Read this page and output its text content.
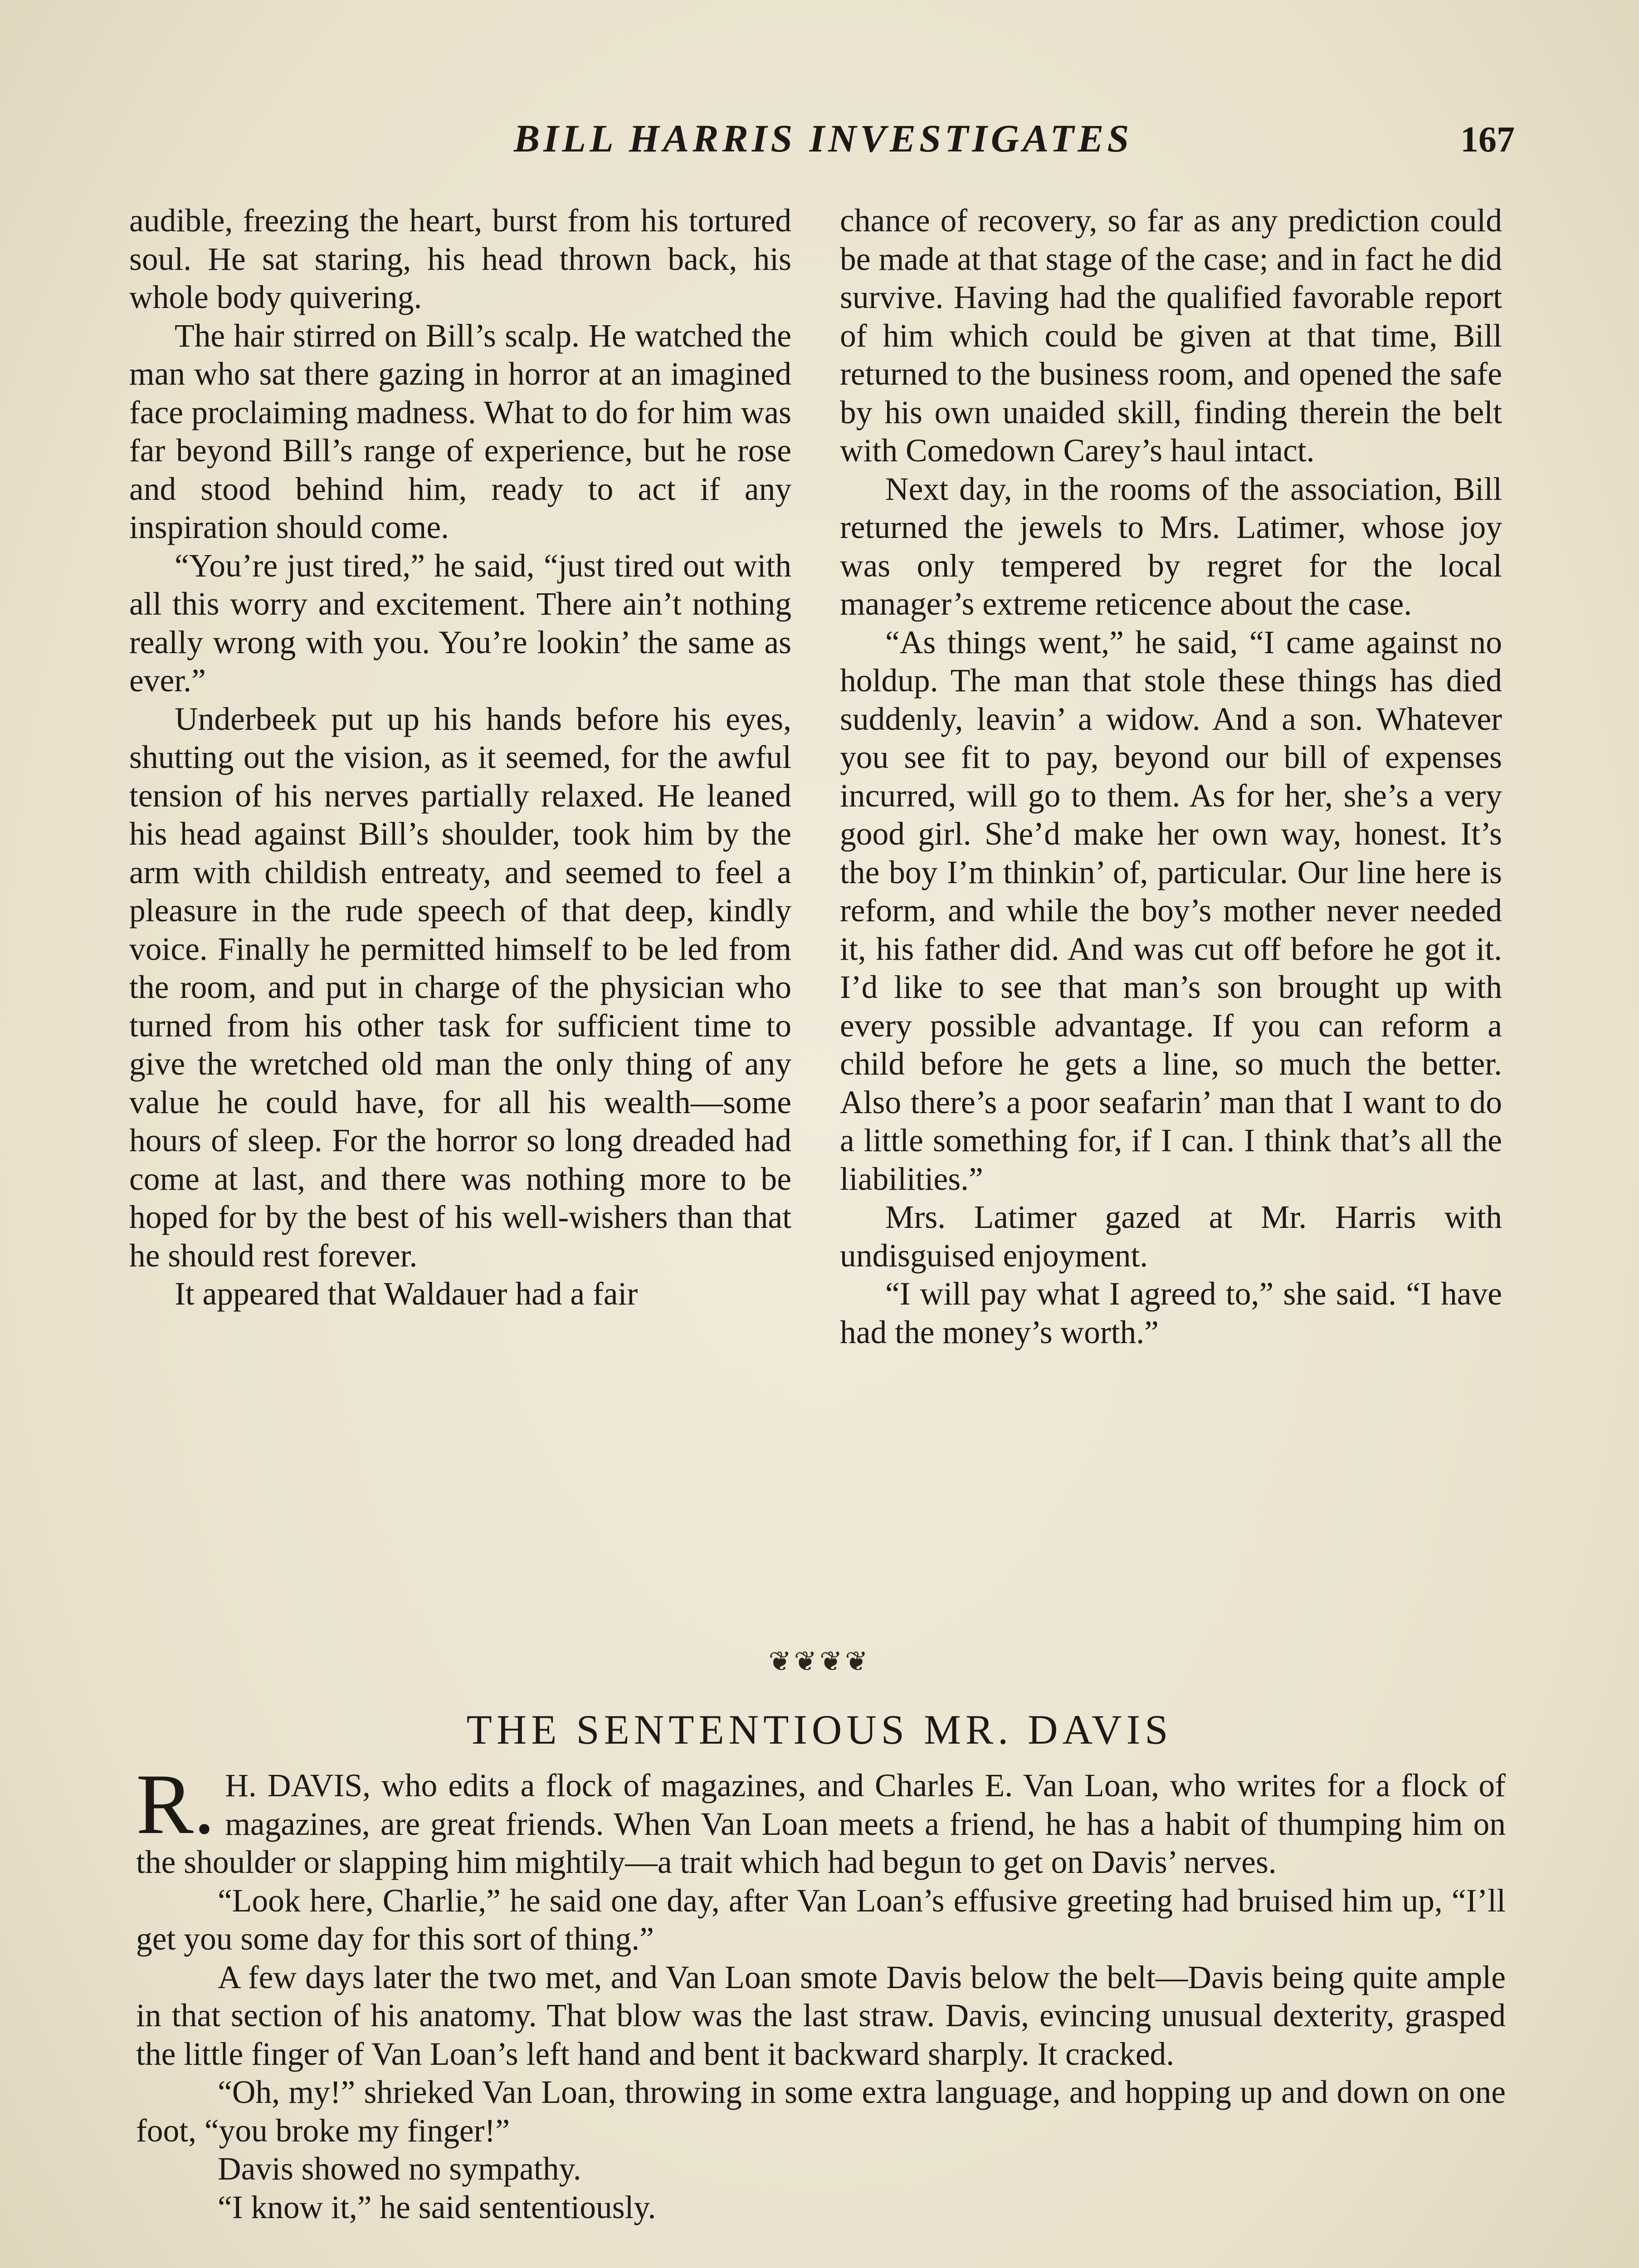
BILL HARRIS INVESTIGATES	167

audible, freezing the heart, burst from his tortured soul. He sat staring, his head thrown back, his whole body quivering.

The hair stirred on Bill’s scalp. He watched the man who sat there gazing in horror at an imagined face proclaiming madness. What to do for him was far beyond Bill’s range of experience, but he rose and stood behind him, ready to act if any inspiration should come.

“You’re just tired,” he said, “just tired out with all this worry and excitement. There ain’t nothing really wrong with you. You’re lookin’ the same as ever.”

Underbeek put up his hands before his eyes, shutting out the vision, as it seemed, for the awful tension of his nerves partially relaxed. He leaned his head against Bill’s shoulder, took him by the arm with childish entreaty, and seemed to feel a pleasure in the rude speech of that deep, kindly voice. Finally he permitted himself to be led from the room, and put in charge of the physician who turned from his other task for sufficient time to give the wretched old man the only thing of any value he could have, for all his wealth—some hours of sleep. For the horror so long dreaded had come at last, and there was nothing more to be hoped for by the best of his well-wishers than that he should rest forever.

It appeared that Waldauer had a fair

chance of recovery, so far as any prediction could be made at that stage of the case; and in fact he did survive. Having had the qualified favorable report of him which could be given at that time, Bill returned to the business room, and opened the safe by his own unaided skill, finding therein the belt with Comedown Carey’s haul intact.

Next day, in the rooms of the association, Bill returned the jewels to Mrs. Latimer, whose joy was only tempered by regret for the local manager’s extreme reticence about the case.

“As things went,” he said, “I came against no holdup. The man that stole these things has died suddenly, leavin’ a widow. And a son. Whatever you see fit to pay, beyond our bill of expenses incurred, will go to them. As for her, she’s a very good girl. She’d make her own way, honest. It’s the boy I’m thinkin’ of, particular. Our line here is reform, and while the boy’s mother never needed it, his father did. And was cut off before he got it. I’d like to see that man’s son brought up with every possible advantage. If you can reform a child before he gets a line, so much the better. Also there’s a poor seafarin’ man that I want to do a little something for, if I can. I think that’s all the liabilities.”

Mrs. Latimer gazed at Mr. Harris with undisguised enjoyment.

“I will pay what I agreed to,” she said. “I have had the money’s worth.”

❦❦❦❦
THE SENTENTIOUS MR. DAVIS

R. H. DAVIS, who edits a flock of magazines, and Charles E. Van Loan, who writes for a flock of magazines, are great friends. When Van Loan meets a friend, he has a habit of thumping him on the shoulder or slapping him mightily—a trait which had begun to get on Davis’ nerves.

“Look here, Charlie,” he said one day, after Van Loan’s effusive greeting had bruised him up, “I’ll get you some day for this sort of thing.”

A few days later the two met, and Van Loan smote Davis below the belt—Davis being quite ample in that section of his anatomy. That blow was the last straw. Davis, evincing unusual dexterity, grasped the little finger of Van Loan’s left hand and bent it backward sharply. It cracked.

“Oh, my!” shrieked Van Loan, throwing in some extra language, and hopping up and down on one foot, “you broke my finger!”

Davis showed no sympathy.

“I know it,” he said sententiously.
